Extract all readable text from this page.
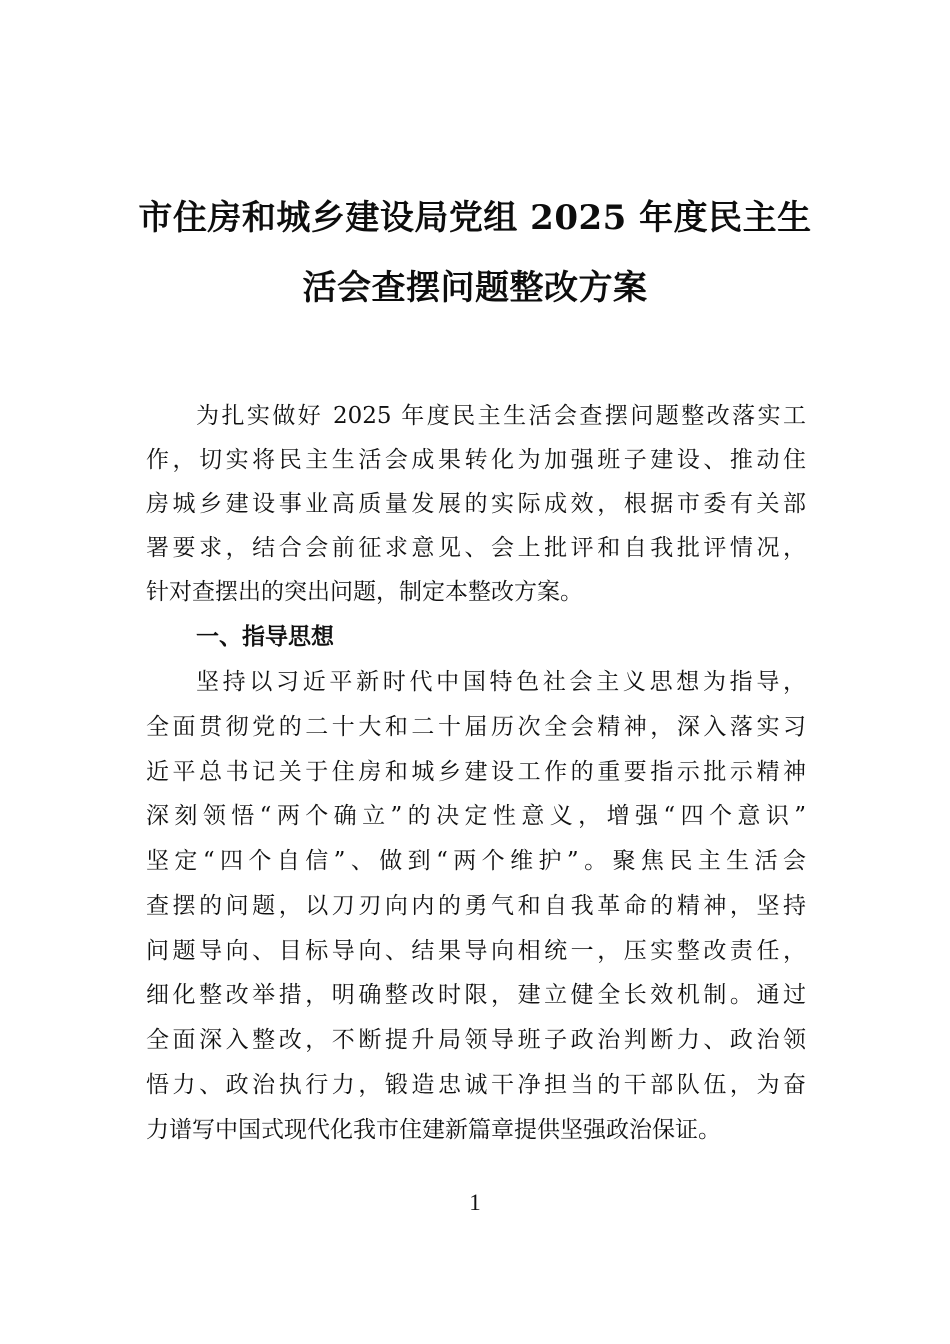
市住房和城乡建设局党组 2025 年度民主生
活会查摆问题整改方案
为扎实做好 2025 年度民主生活会查摆问题整改落实工
作，切实将民主生活会成果转化为加强班子建设、推动住
房城乡建设事业高质量发展的实际成效，根据市委有关部
署要求，结合会前征求意见、会上批评和自我批评情况，
针对查摆出的突出问题，制定本整改方案。
一、指导思想
坚持以习近平新时代中国特色社会主义思想为指导，
全面贯彻党的二十大和二十届历次全会精神，深入落实习
近平总书记关于住房和城乡建设工作的重要指示批示精神
深刻领悟“两个确立”的决定性意义，增强“四个意识”
坚定“四个自信”、做到“两个维护”。聚焦民主生活会
查摆的问题，以刀刃向内的勇气和自我革命的精神，坚持
问题导向、目标导向、结果导向相统一，压实整改责任，
细化整改举措，明确整改时限，建立健全长效机制。通过
全面深入整改，不断提升局领导班子政治判断力、政治领
悟力、政治执行力，锻造忠诚干净担当的干部队伍，为奋
力谱写中国式现代化我市住建新篇章提供坚强政治保证。
1
